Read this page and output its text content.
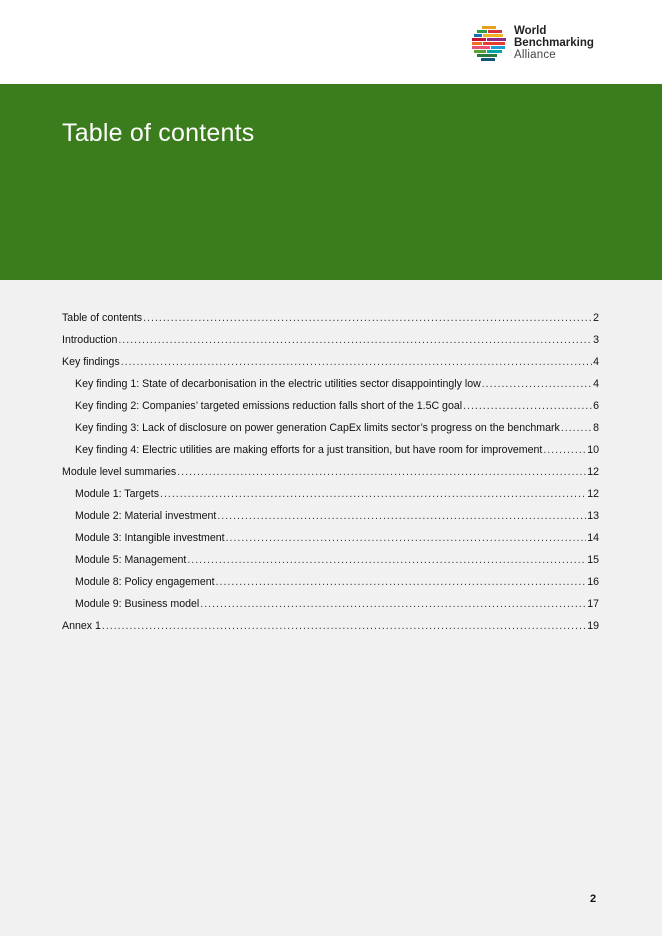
World
Benchmarking
Alliance
Table of contents
Table of contents .....	2
Introduction .....	3
Key findings .....	4
Key finding 1: State of decarbonisation in the electric utilities sector disappointingly low .....	4
Key finding 2: Companies’ targeted emissions reduction falls short of the 1.5C goal .....	6
Key finding 3: Lack of disclosure on power generation CapEx limits sector’s progress on the benchmark .....	8
Key finding 4: Electric utilities are making efforts for a just transition, but have room for improvement .....	10
Module level summaries .....	12
Module 1: Targets .....	12
Module 2: Material investment .....	13
Module 3: Intangible investment .....	14
Module 5: Management .....	15
Module 8: Policy engagement .....	16
Module 9: Business model .....	17
Annex 1 .....	19
2
